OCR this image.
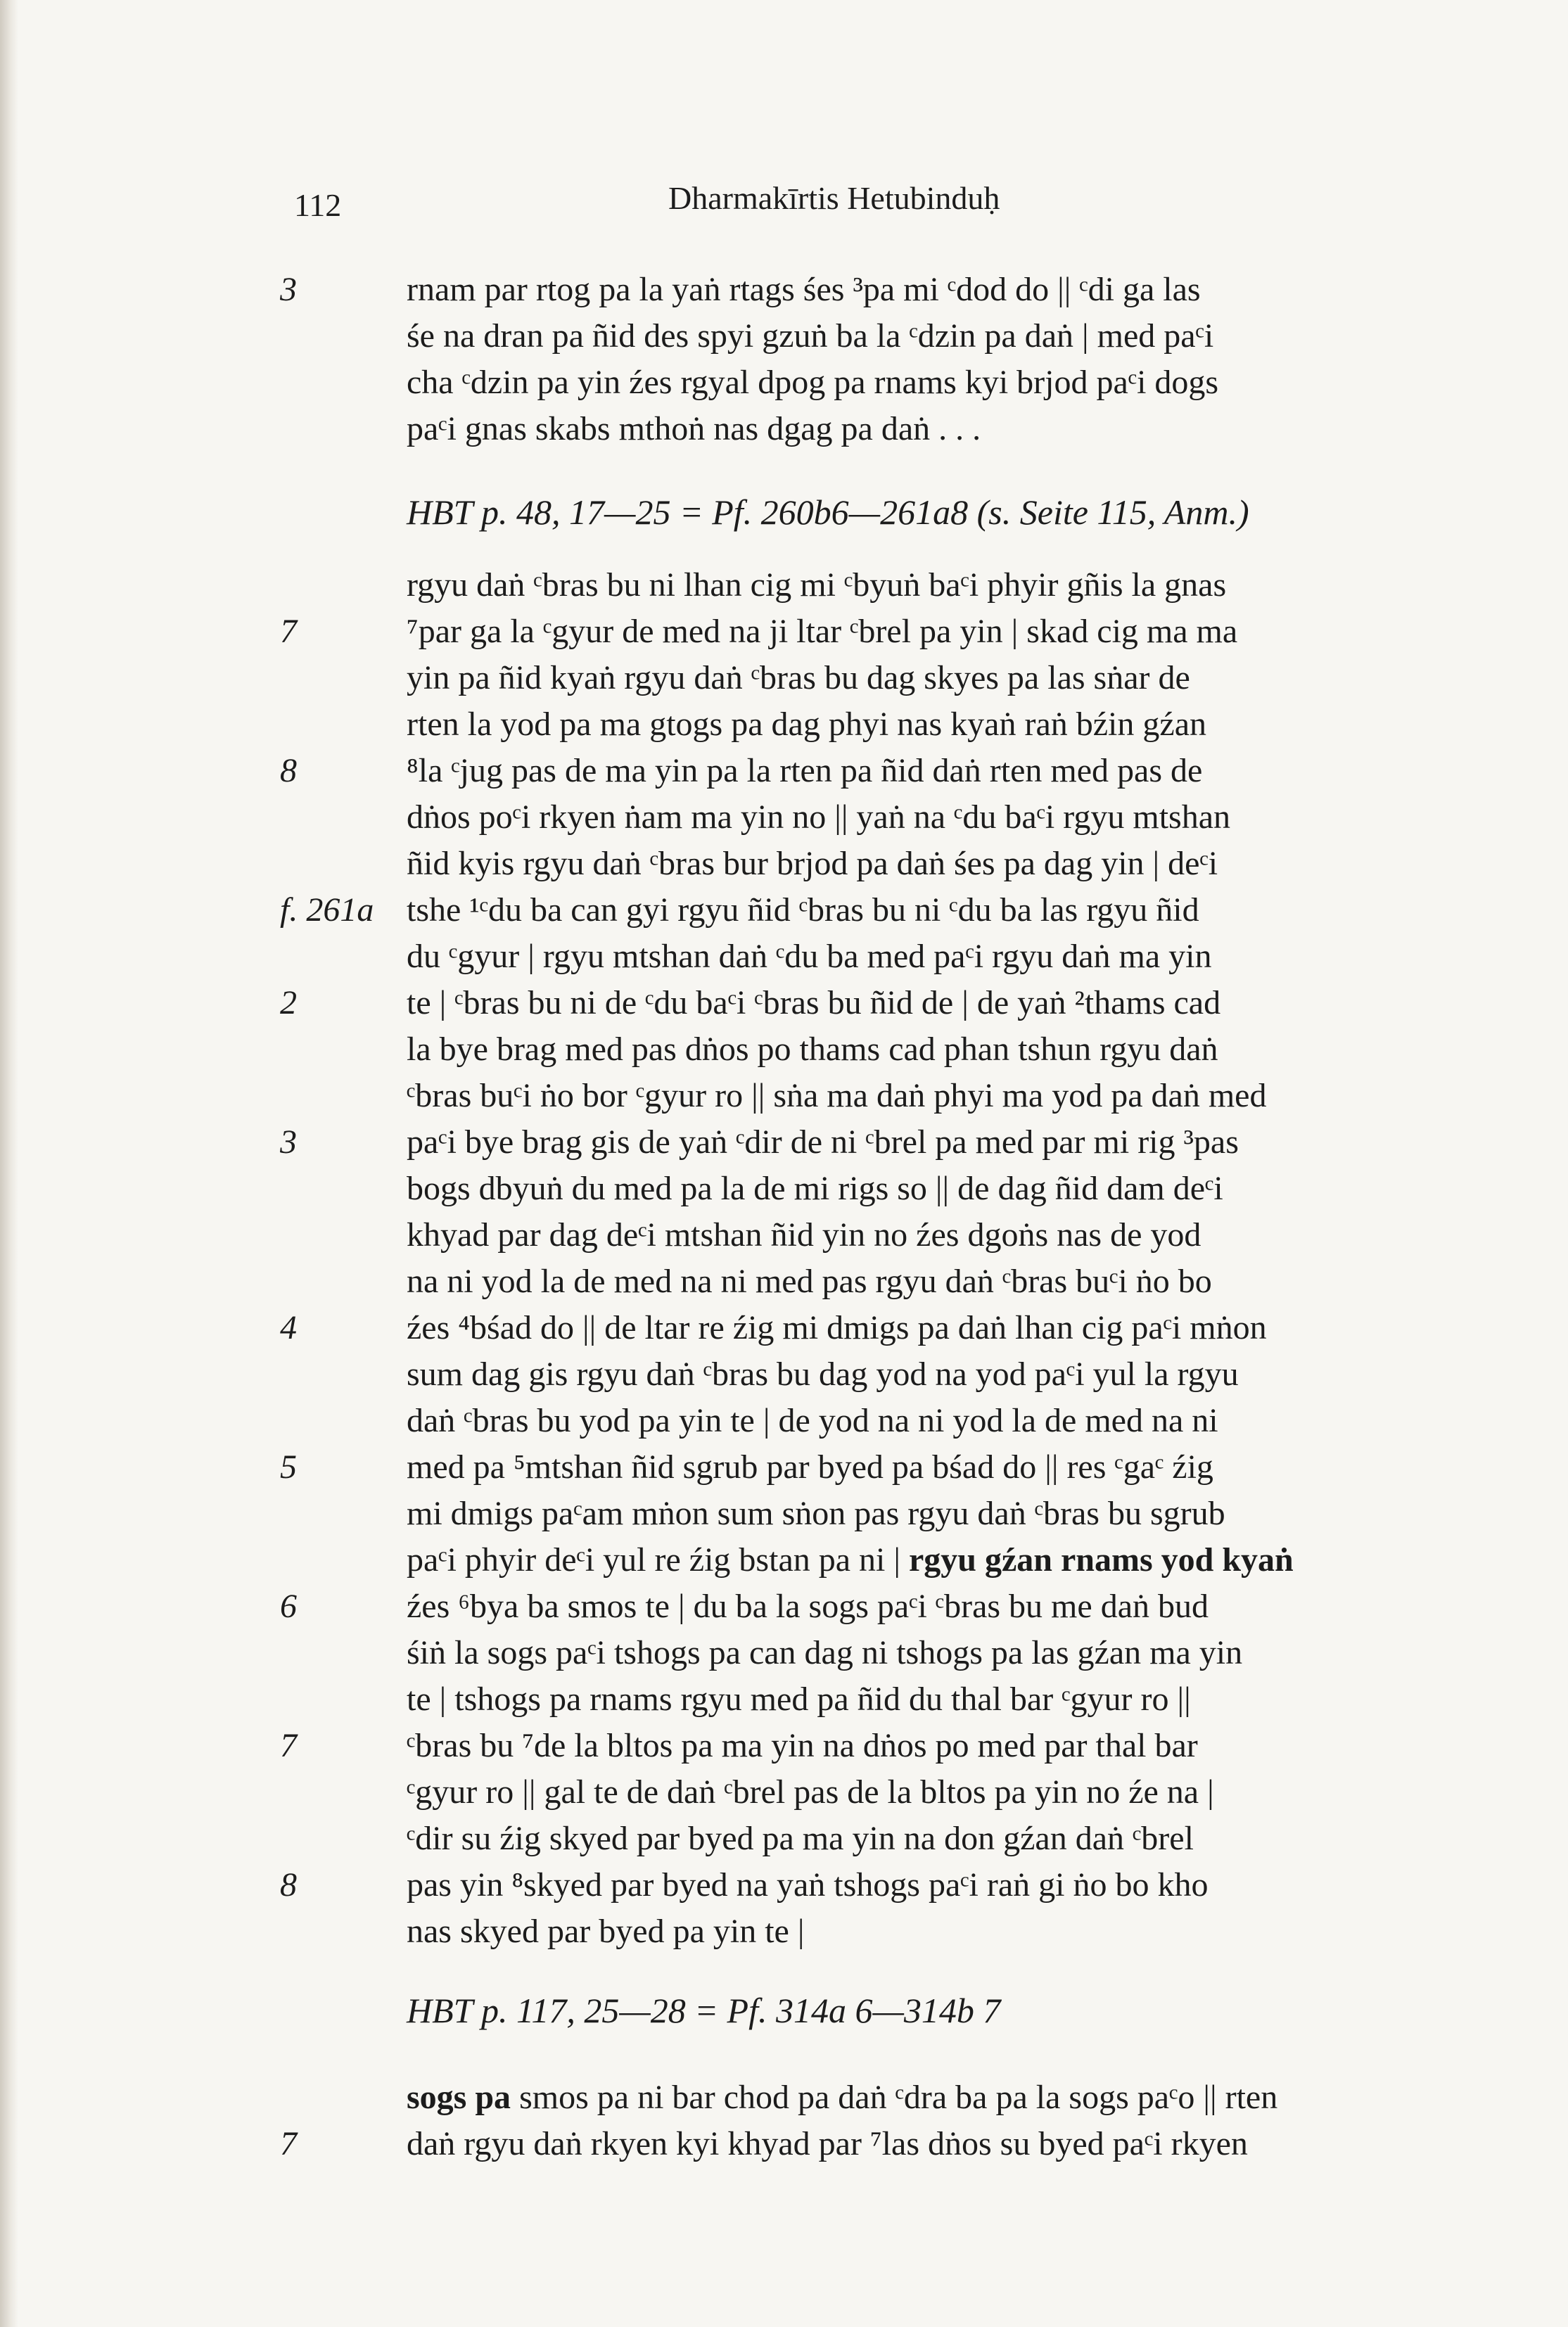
112	Dharmakīrtis Hetubinduḥ
3	rnam par rtog pa la yaṅ rtags śes ³pa mi ᶜdod do || ᶜdi ga las
śe na dran pa ñid des spyi gzuṅ ba la ᶜdzin pa daṅ | med paᶜi
cha ᶜdzin pa yin źes rgyal dpog pa rnams kyi brjod paᶜi dogs
paᶜi gnas skabs mthoṅ nas dgag pa daṅ . . .
HBT p. 48, 17—25 = Pf. 260b6—261a8 (s. Seite 115, Anm.)
rgyu daṅ ᶜbras bu ni lhan cig mi ᶜbyuṅ baᶜi phyir gñis la gnas
7	⁷par ga la ᶜgyur de med na ji ltar ᶜbrel pa yin | skad cig ma ma
yin pa ñid kyaṅ rgyu daṅ ᶜbras bu dag skyes pa las sṅar de
rten la yod pa ma gtogs pa dag phyi nas kyaṅ raṅ bźin gźan
8	⁸la ᶜjug pas de ma yin pa la rten pa ñid daṅ rten med pas de
dṅos poᶜi rkyen ṅam ma yin no || yaṅ na ᶜdu baᶜi rgyu mtshan
ñid kyis rgyu daṅ ᶜbras bur brjod pa daṅ śes pa dag yin | deᶜi
f. 261a tshe ¹ᶜdu ba can gyi rgyu ñid ᶜbras bu ni ᶜdu ba las rgyu ñid
du ᶜgyur | rgyu mtshan daṅ ᶜdu ba med paᶜi rgyu daṅ ma yin
2	te | ᶜbras bu ni de ᶜdu baᶜi ᶜbras bu ñid de | de yaṅ ²thams cad
la bye brag med pas dṅos po thams cad phan tshun rgyu daṅ
ᶜbras buᶜi ṅo bor ᶜgyur ro || sṅa ma daṅ phyi ma yod pa daṅ med
3	paᶜi bye brag gis de yaṅ ᶜdir de ni ᶜbrel pa med par mi rig ³pas
bogs dbyuṅ du med pa la de mi rigs so || de dag ñid dam deᶜi
khyad par dag deᶜi mtshan ñid yin no źes dgoṅs nas de yod
na ni yod la de med na ni med pas rgyu daṅ ᶜbras buᶜi ṅo bo
4	źes ⁴bśad do || de ltar re źig mi dmigs pa daṅ lhan cig paᶜi mṅon
sum dag gis rgyu daṅ ᶜbras bu dag yod na yod paᶜi yul la rgyu
daṅ ᶜbras bu yod pa yin te | de yod na ni yod la de med na ni
5	med pa ⁵mtshan ñid sgrub par byed pa bśad do || res ᶜgaᶜ źig
mi dmigs paᶜam mṅon sum sṅon pas rgyu daṅ ᶜbras bu sgrub
paᶜi phyir deᶜi yul re źig bstan pa ni | rgyu gźan rnams yod kyaṅ
6	źes ⁶bya ba smos te | du ba la sogs paᶜi ᶜbras bu me daṅ bud
śiṅ la sogs paᶜi tshogs pa can dag ni tshogs pa las gźan ma yin
te | tshogs pa rnams rgyu med pa ñid du thal bar ᶜgyur ro ||
7	ᶜbras bu ⁷de la bltos pa ma yin na dṅos po med par thal bar
ᶜgyur ro || gal te de daṅ ᶜbrel pas de la bltos pa yin no źe na |
ᶜdir su źig skyed par byed pa ma yin na don gźan daṅ ᶜbrel
8	pas yin ⁸skyed par byed na yaṅ tshogs paᶜi raṅ gi ṅo bo kho
nas skyed par byed pa yin te |
HBT p. 117, 25—28 = Pf. 314a 6—314b 7
sogs pa smos pa ni bar chod pa daṅ ᶜdra ba pa la sogs paᶜo || rten
7	daṅ rgyu daṅ rkyen kyi khyad par ⁷las dṅos su byed paᶜi rkyen
